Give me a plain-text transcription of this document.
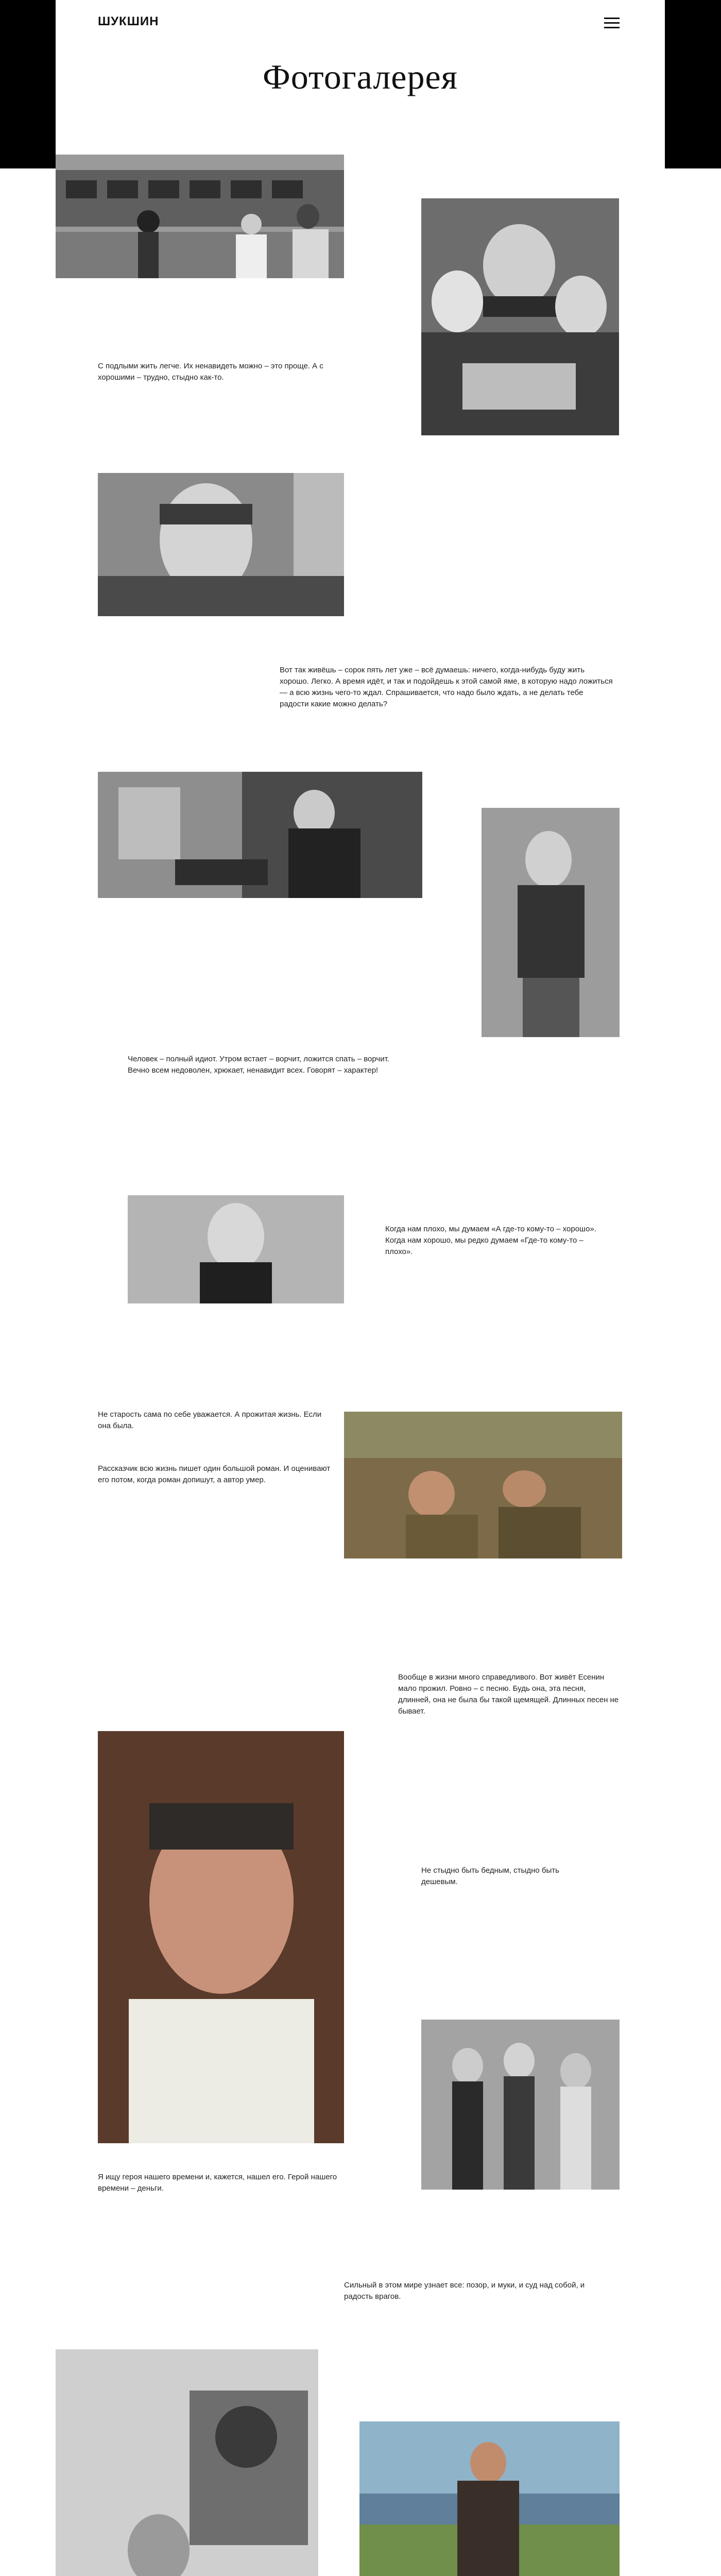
ШУКШИН
Фотогалерея
С подлыми жить легче. Их ненавидеть можно – это проще. А с хорошими – трудно, стыдно как-то.
Вот так живёшь – сорок пять лет уже – всё думаешь: ничего, когда-нибудь буду жить хорошо. Легко. А время идёт, и так и подойдешь к этой самой яме, в которую надо ложиться — а всю жизнь чего-то ждал. Спрашивается, что надо было ждать, а не делать тебе радости какие можно делать?
Человек – полный идиот. Утром встает – ворчит, ложится спать – ворчит. Вечно всем недоволен, хрюкает, ненавидит всех. Говорят – характер!
Когда нам плохо, мы думаем «А где-то кому-то – хорошо». Когда нам хорошо, мы редко думаем «Где-то кому-то – плохо».
Не старость сама по себе уважается. А прожитая жизнь. Если она была.
Рассказчик всю жизнь пишет один большой роман. И оценивают его потом, когда роман допишут, а автор умер.
Вообще в жизни много справедливого. Вот живёт Есенин мало прожил. Ровно – с песню. Будь она, эта песня, длинней, она не была бы такой щемящей. Длинных песен не бывает.
Не стыдно быть бедным, стыдно быть дешевым.
Я ищу героя нашего времени и, кажется, нашел его. Герой нашего времени – деньги.
Сильный в этом мире узнает все: позор, и муки, и суд над собой, и радость врагов.
